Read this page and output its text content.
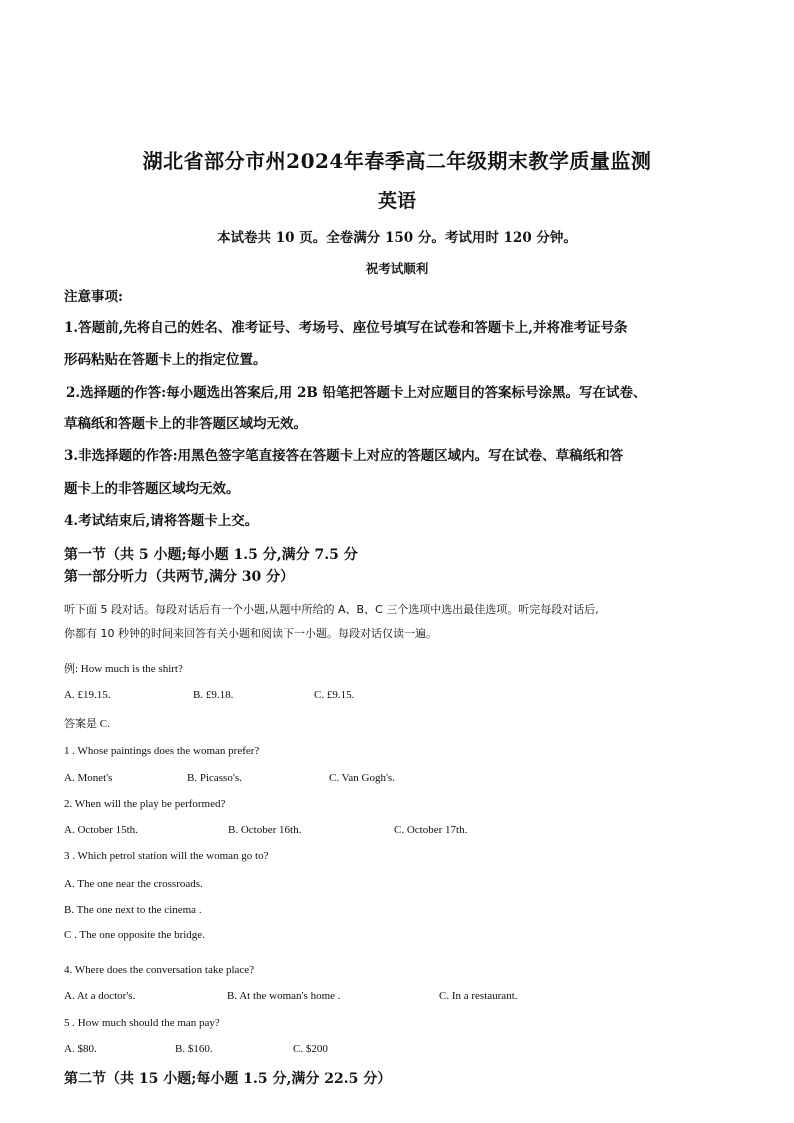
湖北省部分市州2024年春季高二年级期末教学质量监测
英语
本试卷共 10 页。全卷满分 150 分。考试用时 120 分钟。
祝考试顺利
注意事项:
1.答题前,先将自己的姓名、准考证号、考场号、座位号填写在试卷和答题卡上,并将准考证号条
形码粘贴在答题卡上的指定位置。
2.选择题的作答:每小题选出答案后,用 2B 铅笔把答题卡上对应题目的答案标号涂黑。写在试卷、
草稿纸和答题卡上的非答题区域均无效。
3.非选择题的作答:用黑色签字笔直接答在答题卡上对应的答题区域内。写在试卷、草稿纸和答
题卡上的非答题区域均无效。
4.考试结束后,请将答题卡上交。
第一节（共 5 小题;每小题 1.5 分,满分 7.5 分
第一部分听力（共两节,满分 30 分）
听下面 5 段对话。每段对话后有一个小题,从题中所给的 A、B、C 三个选项中选出最佳选项。听完每段对话后,
你都有 10 秒钟的时间来回答有关小题和阅读下一小题。每段对话仅读一遍。
例: How much is the shirt?
A. £19.15.	B. £9.18.	C. £9.15.
答案是 C.
1 . Whose paintings does the woman prefer?
A. Monet's	B. Picasso's.	C. Van Gogh's.
2. When will the play be performed?
A. October 15th.	B. October 16th.	C. October 17th.
3 . Which petrol station will the woman go to?
A. The one near the crossroads.
B. The one next to the cinema .
C . The one opposite the bridge.
4. Where does the conversation take place?
A. At a doctor's.	B. At the woman's home .	C. In a restaurant.
5 . How much should the man pay?
A. $80.	B. $160.	C. $200
第二节（共 15 小题;每小题 1.5 分,满分 22.5 分）
